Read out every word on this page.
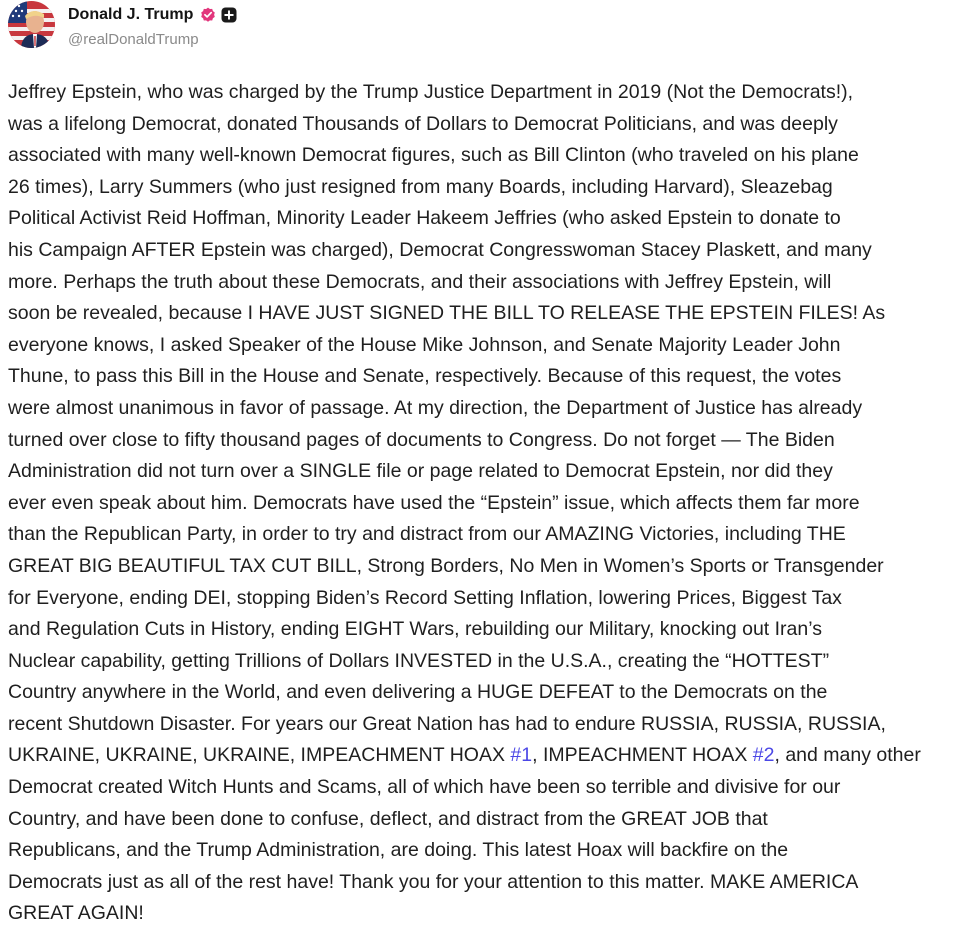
Donald J. Trump
@realDonaldTrump
Jeffrey Epstein, who was charged by the Trump Justice Department in 2019 (Not the Democrats!),
was a lifelong Democrat, donated Thousands of Dollars to Democrat Politicians, and was deeply
associated with many well-known Democrat figures, such as Bill Clinton (who traveled on his plane
26 times), Larry Summers (who just resigned from many Boards, including Harvard), Sleazebag
Political Activist Reid Hoffman, Minority Leader Hakeem Jeffries (who asked Epstein to donate to
his Campaign AFTER Epstein was charged), Democrat Congresswoman Stacey Plaskett, and many
more. Perhaps the truth about these Democrats, and their associations with Jeffrey Epstein, will
soon be revealed, because I HAVE JUST SIGNED THE BILL TO RELEASE THE EPSTEIN FILES! As
everyone knows, I asked Speaker of the House Mike Johnson, and Senate Majority Leader John
Thune, to pass this Bill in the House and Senate, respectively. Because of this request, the votes
were almost unanimous in favor of passage. At my direction, the Department of Justice has already
turned over close to fifty thousand pages of documents to Congress. Do not forget — The Biden
Administration did not turn over a SINGLE file or page related to Democrat Epstein, nor did they
ever even speak about him. Democrats have used the “Epstein” issue, which affects them far more
than the Republican Party, in order to try and distract from our AMAZING Victories, including THE
GREAT BIG BEAUTIFUL TAX CUT BILL, Strong Borders, No Men in Women’s Sports or Transgender
for Everyone, ending DEI, stopping Biden’s Record Setting Inflation, lowering Prices, Biggest Tax
and Regulation Cuts in History, ending EIGHT Wars, rebuilding our Military, knocking out Iran’s
Nuclear capability, getting Trillions of Dollars INVESTED in the U.S.A., creating the “HOTTEST”
Country anywhere in the World, and even delivering a HUGE DEFEAT to the Democrats on the
recent Shutdown Disaster. For years our Great Nation has had to endure RUSSIA, RUSSIA, RUSSIA,
UKRAINE, UKRAINE, UKRAINE, IMPEACHMENT HOAX #1, IMPEACHMENT HOAX #2, and many other
Democrat created Witch Hunts and Scams, all of which have been so terrible and divisive for our
Country, and have been done to confuse, deflect, and distract from the GREAT JOB that
Republicans, and the Trump Administration, are doing. This latest Hoax will backfire on the
Democrats just as all of the rest have! Thank you for your attention to this matter. MAKE AMERICA
GREAT AGAIN!
